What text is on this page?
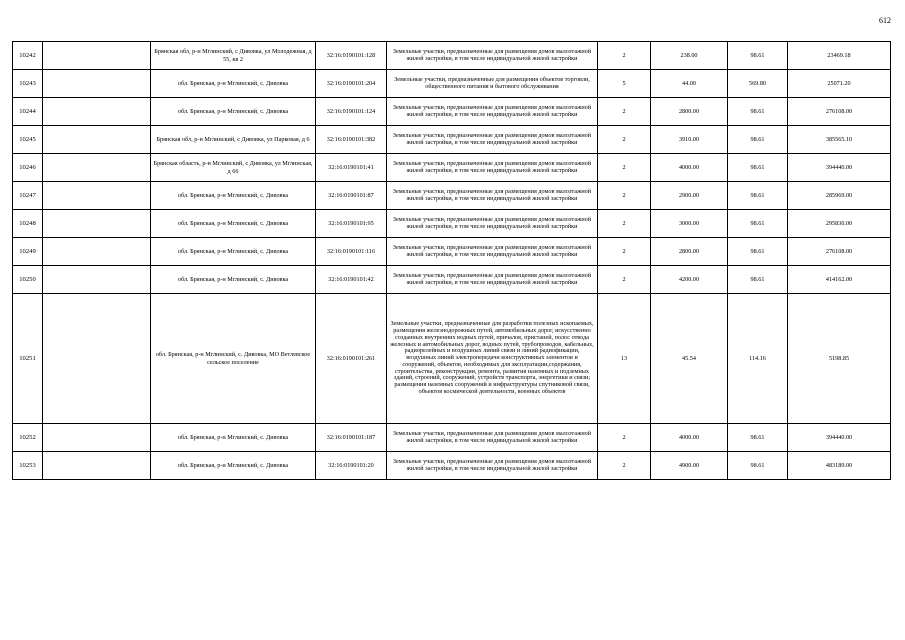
612
10242		Брянская обл, р-н Мглинский, с Дивовка, ул Молодежная, д 55, кв 2	32:16:0190101:128	Земельные участки, предназначенные для размещения домов малоэтажной жилой застройки, в том числе индивидуальной жилой застройки	2	238.00	98.61	23469.18
10243		обл. Брянская, р-н Мглинский, с. Дивовка	32:16:0190101:204	Земельные участки, предназначенные для размещения объектов торговли, общественного питания и бытового обслуживания	5	44.00	569.80	25071.20
10244		обл. Брянская, р-н Мглинский, с. Дивовка	32:16:0190101:124	Земельные участки, предназначенные для размещения домов малоэтажной жилой застройки, в том числе индивидуальной жилой застройки	2	2800.00	98.61	276108.00
10245		Брянская обл, р-н Мглинский, с Дивовка, ул Парковая, д 6	32:16:0190101:382	Земельные участки, предназначенные для размещения домов малоэтажной жилой застройки, в том числе индивидуальной жилой застройки	2	3910.00	98.61	385565.10
10246		Брянская область, р-н Мглинский, с Дивовка, ул Мглинская, д 66	32:16:0190101:41	Земельные участки, предназначенные для размещения домов малоэтажной жилой застройки, в том числе индивидуальной жилой застройки	2	4000.00	98.61	394440.00
10247		обл. Брянская, р-н Мглинский, с. Дивовка	32:16:0190101:87	Земельные участки, предназначенные для размещения домов малоэтажной жилой застройки, в том числе индивидуальной жилой застройки	2	2900.00	98.61	285969.00
10248		обл. Брянская, р-н Мглинский, с. Дивовка	32:16:0190101:95	Земельные участки, предназначенные для размещения домов малоэтажной жилой застройки, в том числе индивидуальной жилой застройки	2	3000.00	98.61	295830.00
10249		обл. Брянская, р-н Мглинский, с. Дивовка	32:16:0190101:116	Земельные участки, предназначенные для размещения домов малоэтажной жилой застройки, в том числе индивидуальной жилой застройки	2	2800.00	98.61	276108.00
10250		обл. Брянская, р-н Мглинский, с. Дивовка	32:16:0190101:42	Земельные участки, предназначенные для размещения домов малоэтажной жилой застройки, в том числе индивидуальной жилой застройки	2	4200.00	98.61	414162.00
10251		обл. Брянская, р-н Мглинский, с. Дивовка, МО Ветлевское сельское поселение	32:16:0190101:261	Земельные участки, предназначенные для разработки полезных ископаемых, размещения железнодорожных путей, автомобильных дорог, искусственно созданных внутренних водных путей, причалов, пристаней, полос отвода железных и автомобильных дорог, водных путей, трубопроводов, кабельных, радиорелейных и воздушных линий связи и линий радиофикации, воздушных линий электропередачи конструктивных элементов и сооружений, объектов, необходимых для эксплуатации,содержания, строительства, реконструкции, ремонта, развития наземных и подземных зданий, строений, сооружений, устройств транспорта, энергетики и связи; размещения наземных сооружений и инфраструктуры спутниковой связи, объектов космической деятельности, военных объектов	13	45.54	114.16	5198.85
10252		обл. Брянская, р-н Мглинский, с. Дивовка	32:16:0190101:187	Земельные участки, предназначенные для размещения домов малоэтажной жилой застройки, в том числе индивидуальной жилой застройки	2	4000.00	98.61	394440.00
10253		обл. Брянская, р-н Мглинский, с. Дивовка	32:16:0190101:20	Земельные участки, предназначенные для размещения домов малоэтажной жилой застройки, в том числе индивидуальной жилой застройки	2	4900.00	98.61	483189.00
